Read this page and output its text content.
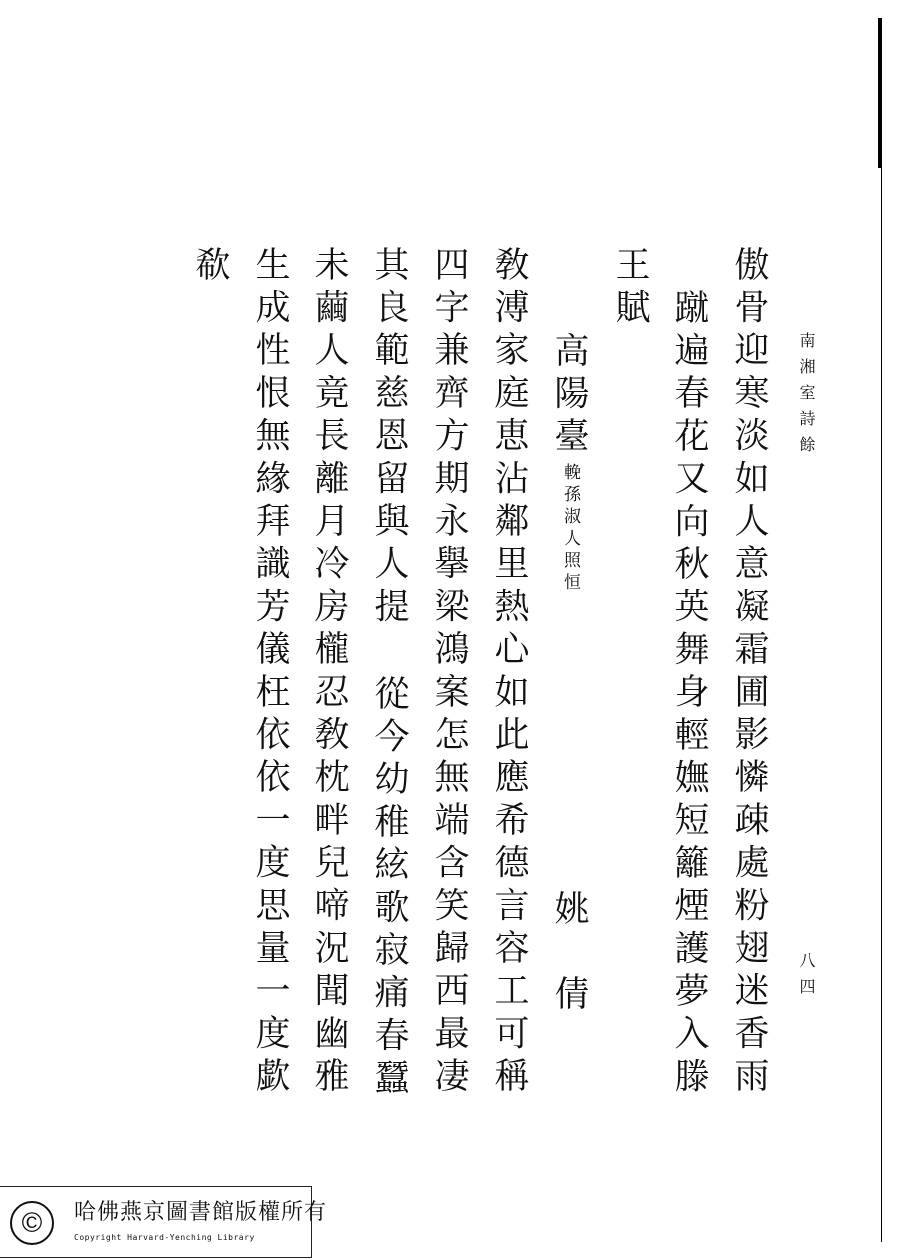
南湘室詩餘
八四
傲骨迎寒淡如人意凝霜圃影憐疎處粉翅迷香雨
蹴遍春花又向秋英舞身輕嫵短籬煙護夢入滕
王賦
高陽臺
輓孫淑人照恒
姚倩
敎溥家庭恵沾鄰里熱心如此應希德言容工可稱
四字兼齊方期永擧梁鴻案怎無端含笑歸西最凄
其良範慈恩留與人提
從今幼稚絃歌寂痛春蠶
未繭人竟長離月冷房櫳忍敎枕畔兒啼況聞幽雅
生成性恨無緣拜識芳儀枉依依一度思量一度歔
欷
©	哈佛燕京圖書館版權所有
Copyright Harvard-Yenching Library
